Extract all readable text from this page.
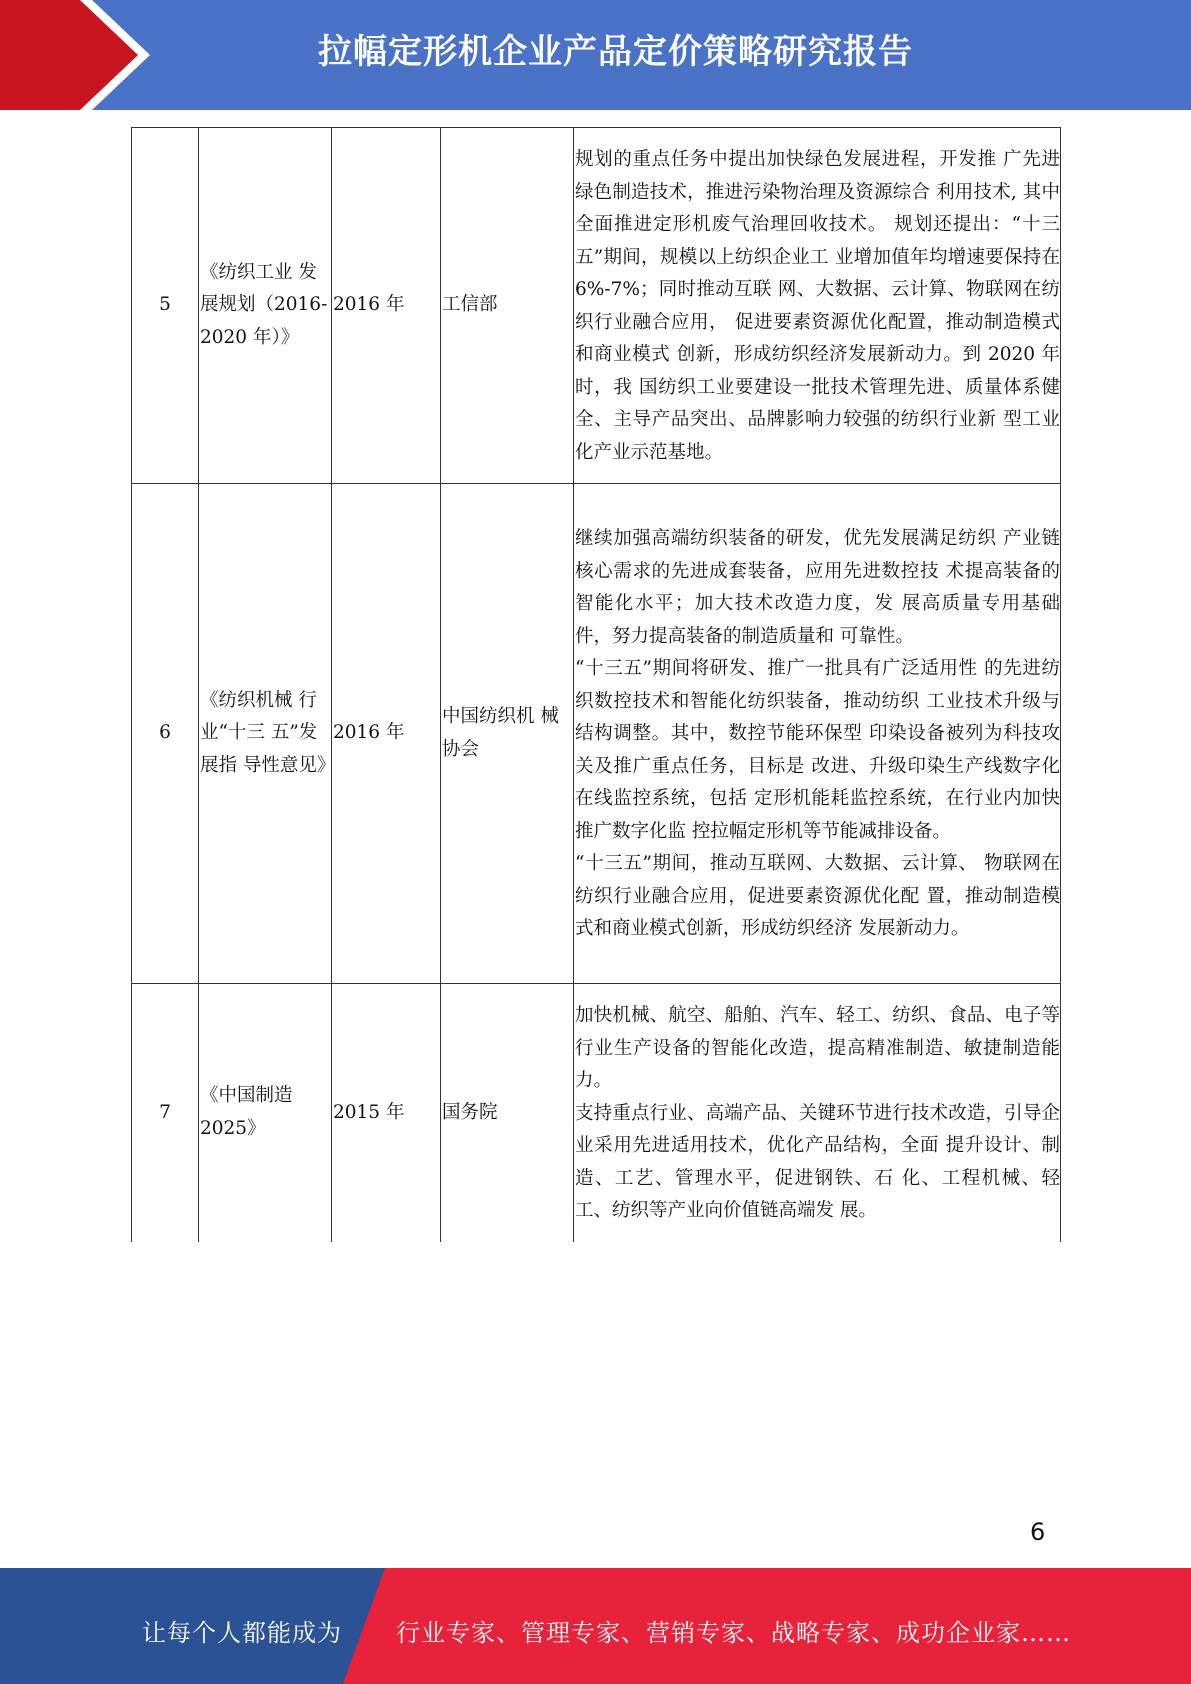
拉幅定形机企业产品定价策略研究报告
5	《纺织工业 发展规划（2016-2020 年）》	2016 年	工信部	规划的重点任务中提出加快绿色发展进程，开发推 广先进绿色制造技术，推进污染物治理及资源综合 利用技术, 其中全面推进定形机废气治理回收技术。 规划还提出：“十三五”期间，规模以上纺织企业工 业增加值年均增速要保持在 6%-7%；同时推动互联 网、大数据、云计算、物联网在纺织行业融合应用， 促进要素资源优化配置，推动制造模式和商业模式 创新，形成纺织经济发展新动力。到 2020 年时，我 国纺织工业要建设一批技术管理先进、质量体系健 全、主导产品突出、品牌影响力较强的纺织行业新 型工业化产业示范基地。
6	《纺织机械 行业“十三 五”发展指 导性意见》	2016 年	中国纺织机 械协会	继续加强高端纺织装备的研发，优先发展满足纺织 产业链核心需求的先进成套装备，应用先进数控技 术提高装备的智能化水平；加大技术改造力度，发 展高质量专用基础件，努力提高装备的制造质量和 可靠性。
“十三五”期间将研发、推广一批具有广泛适用性 的先进纺织数控技术和智能化纺织装备，推动纺织 工业技术升级与结构调整。其中，数控节能环保型 印染设备被列为科技攻关及推广重点任务，目标是 改进、升级印染生产线数字化在线监控系统，包括 定形机能耗监控系统，在行业内加快推广数字化监 控拉幅定形机等节能减排设备。
“十三五”期间，推动互联网、大数据、云计算、 物联网在纺织行业融合应用，促进要素资源优化配 置，推动制造模式和商业模式创新，形成纺织经济 发展新动力。
7	《中国制造 2025》	2015 年	国务院	加快机械、航空、船舶、汽车、轻工、纺织、食品、电子等行业生产设备的智能化改造，提高精准制造、敏捷制造能力。
支持重点行业、高端产品、关键环节进行技术改造，引导企业采用先进适用技术，优化产品结构，全面 提升设计、制造、工艺、管理水平，促进钢铁、石 化、工程机械、轻工、纺织等产业向价值链高端发 展。
6
让每个人都能成为 行业专家、管理专家、营销专家、战略专家、成功企业家……
